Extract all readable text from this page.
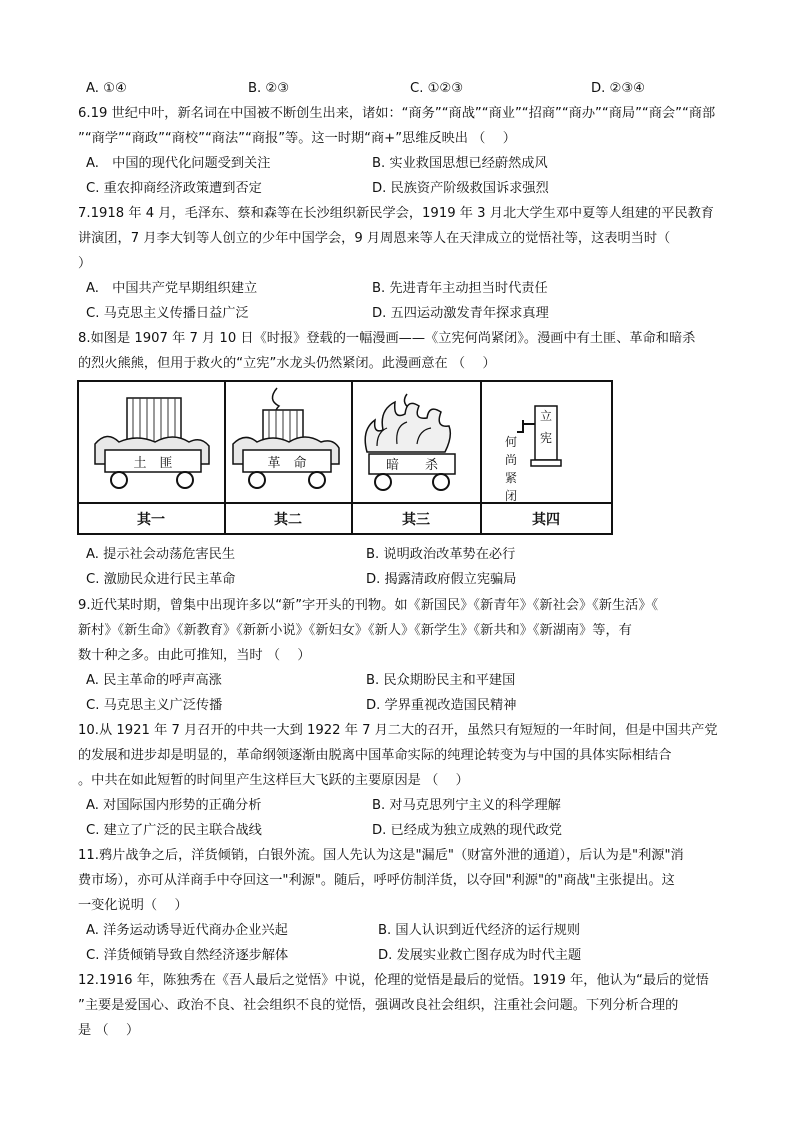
A. ①④	B. ②③	C. ①②③	D. ②③④
6.19 世纪中叶，新名词在中国被不断创生出来，诸如：“商务”“商战”“商业”“招商”“商办”“商局”“商会”“商部
”“商学”“商政”“商校”“商法”“商报”等。这一时期“商+”思维反映出 （　 ）
A.　中国的现代化问题受到关注	B. 实业救国思想已经蔚然成风
C. 重农抑商经济政策遭到否定	D. 民族资产阶级救国诉求强烈
7.1918 年 4 月，毛泽东、蔡和森等在长沙组织新民学会，1919 年 3 月北大学生邓中夏等人组建的平民教育
讲演团，7 月李大钊等人创立的少年中国学会，9 月周恩来等人在天津成立的觉悟社等，这表明当时（
）
A.　中国共产党早期组织建立	B. 先进青年主动担当时代责任
C. 马克思主义传播日益广泛	D. 五四运动激发青年探求真理
8.如图是 1907 年 7 月 10 日《时报》登载的一幅漫画——《立宪何尚紧闭》。漫画中有土匪、革命和暗杀
的烈火熊熊，但用于救火的“立宪”水龙头仍然紧闭。此漫画意在 （　 ）
土　匪	革　命	暗　　杀
立
宪
何
尚
紧
闭
其一	其二	其三	其四
A. 提示社会动荡危害民生	B. 说明政治改革势在必行
C. 激励民众进行民主革命	D. 揭露清政府假立宪骗局
9.近代某时期，曾集中出现许多以“新”字开头的刊物。如《新国民》《新青年》《新社会》《新生活》《
新村》《新生命》《新教育》《新新小说》《新妇女》《新人》《新学生》《新共和》《新湖南》等，有
数十种之多。由此可推知，当时 （　 ）
A. 民主革命的呼声高涨	B. 民众期盼民主和平建国
C. 马克思主义广泛传播	D. 学界重视改造国民精神
10.从 1921 年 7 月召开的中共一大到 1922 年 7 月二大的召开，虽然只有短短的一年时间，但是中国共产党
的发展和进步却是明显的，革命纲领逐渐由脱离中国革命实际的纯理论转变为与中国的具体实际相结合
。中共在如此短暂的时间里产生这样巨大飞跃的主要原因是 （　 ）
A. 对国际国内形势的正确分析	B. 对马克思列宁主义的科学理解
C. 建立了广泛的民主联合战线	D. 已经成为独立成熟的现代政党
11.鸦片战争之后，洋货倾销，白银外流。国人先认为这是"漏卮"（财富外泄的通道），后认为是"利源"消
费市场），亦可从洋商手中夺回这一"利源"。随后，呼呼仿制洋货，以夺回"利源"的"商战"主张提出。这
一变化说明（　 ）
A. 洋务运动诱导近代商办企业兴起	B. 国人认识到近代经济的运行规则
C. 洋货倾销导致自然经济逐步解体	D. 发展实业救亡图存成为时代主题
12.1916 年，陈独秀在《吾人最后之觉悟》中说，伦理的觉悟是最后的觉悟。1919 年，他认为“最后的觉悟
”主要是爱国心、政治不良、社会组织不良的觉悟，强调改良社会组织，注重社会问题。下列分析合理的
是 （　 ）
